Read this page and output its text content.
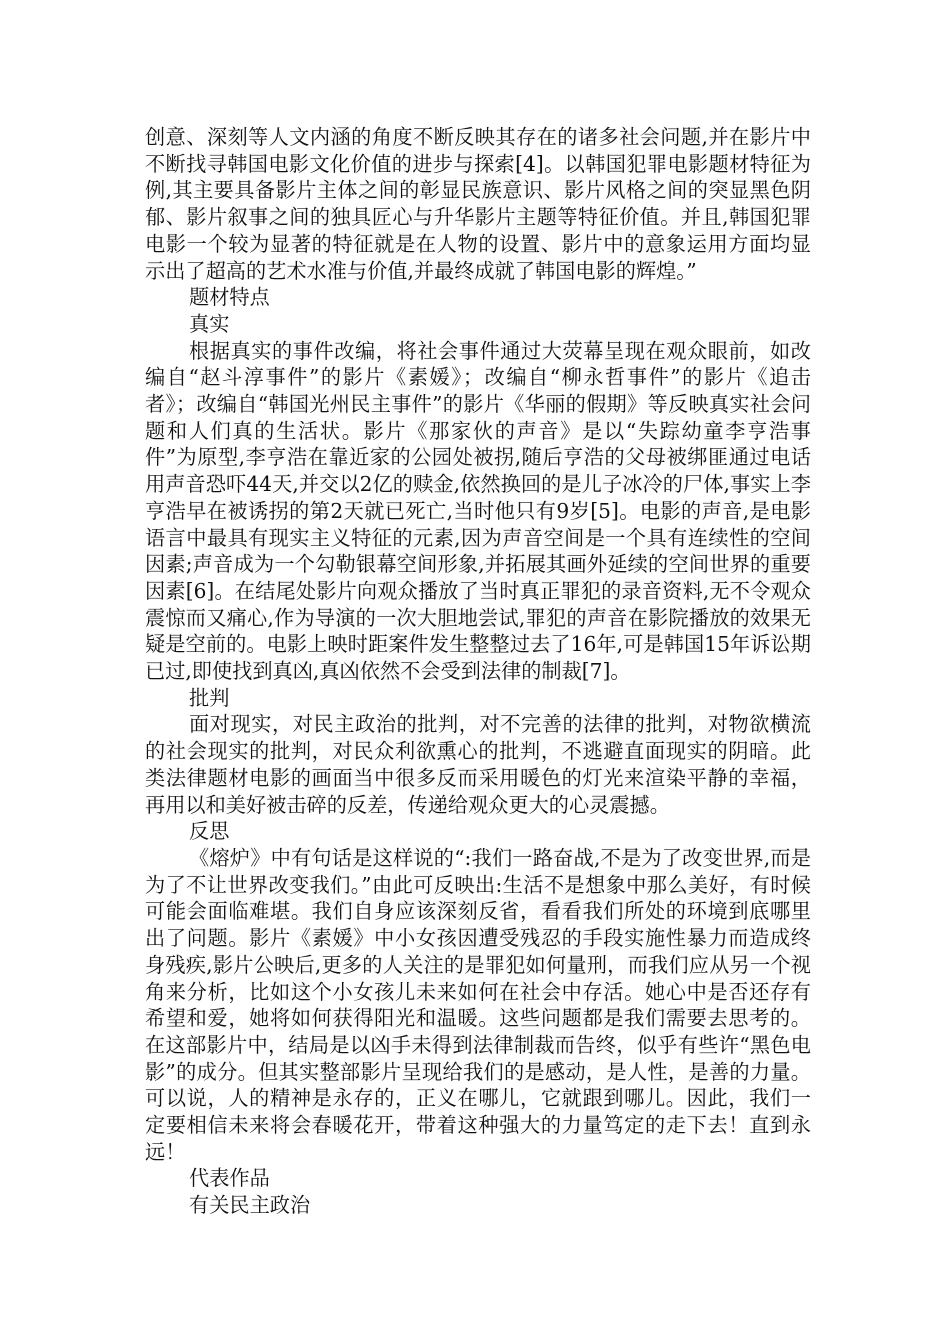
创意、深刻等人文内涵的角度不断反映其存在的诸多社会问题,并在影片中不断找寻韩国电影文化价值的进步与探索[4]。以韩国犯罪电影题材特征为例,其主要具备影片主体之间的彰显民族意识、影片风格之间的突显黑色阴郁、影片叙事之间的独具匠心与升华影片主题等特征价值。并且,韩国犯罪电影一个较为显著的特征就是在人物的设置、影片中的意象运用方面均显示出了超高的艺术水准与价值,并最终成就了韩国电影的辉煌。”

题材特点

真实

根据真实的事件改编，将社会事件通过大荧幕呈现在观众眼前，如改编自“赵斗淳事件”的影片《素媛》；改编自“柳永哲事件”的影片《追击者》；改编自“韩国光州民主事件”的影片《华丽的假期》等反映真实社会问题和人们真的生活状。影片《那家伙的声音》是以“失踪幼童李亨浩事件”为原型,李亨浩在靠近家的公园处被拐,随后亨浩的父母被绑匪通过电话用声音恐吓44天,并交以2亿的赎金,依然换回的是儿子冰冷的尸体,事实上李亨浩早在被诱拐的第2天就已死亡,当时他只有9岁[5]。电影的声音,是电影语言中最具有现实主义特征的元素,因为声音空间是一个具有连续性的空间因素;声音成为一个勾勒银幕空间形象,并拓展其画外延续的空间世界的重要因素[6]。在结尾处影片向观众播放了当时真正罪犯的录音资料,无不令观众震惊而又痛心,作为导演的一次大胆地尝试,罪犯的声音在影院播放的效果无疑是空前的。电影上映时距案件发生整整过去了16年,可是韩国15年诉讼期已过,即使找到真凶,真凶依然不会受到法律的制裁[7]。

批判

面对现实，对民主政治的批判，对不完善的法律的批判，对物欲横流的社会现实的批判，对民众利欲熏心的批判，不逃避直面现实的阴暗。此类法律题材电影的画面当中很多反而采用暖色的灯光来渲染平静的幸福，再用以和美好被击碎的反差，传递给观众更大的心灵震撼。

反思

《熔炉》中有句话是这样说的“:我们一路奋战,不是为了改变世界,而是为了不让世界改变我们。”由此可反映出:生活不是想象中那么美好，有时候可能会面临难堪。我们自身应该深刻反省，看看我们所处的环境到底哪里出了问题。影片《素媛》中小女孩因遭受残忍的手段实施性暴力而造成终身残疾,影片公映后,更多的人关注的是罪犯如何量刑，而我们应从另一个视角来分析，比如这个小女孩儿未来如何在社会中存活。她心中是否还存有希望和爱，她将如何获得阳光和温暖。这些问题都是我们需要去思考的。在这部影片中，结局是以凶手未得到法律制裁而告终，似乎有些许“黑色电影”的成分。但其实整部影片呈现给我们的是感动，是人性，是善的力量。可以说，人的精神是永存的，正义在哪儿，它就跟到哪儿。因此，我们一定要相信未来将会春暖花开，带着这种强大的力量笃定的走下去！直到永远！

代表作品

有关民主政治
